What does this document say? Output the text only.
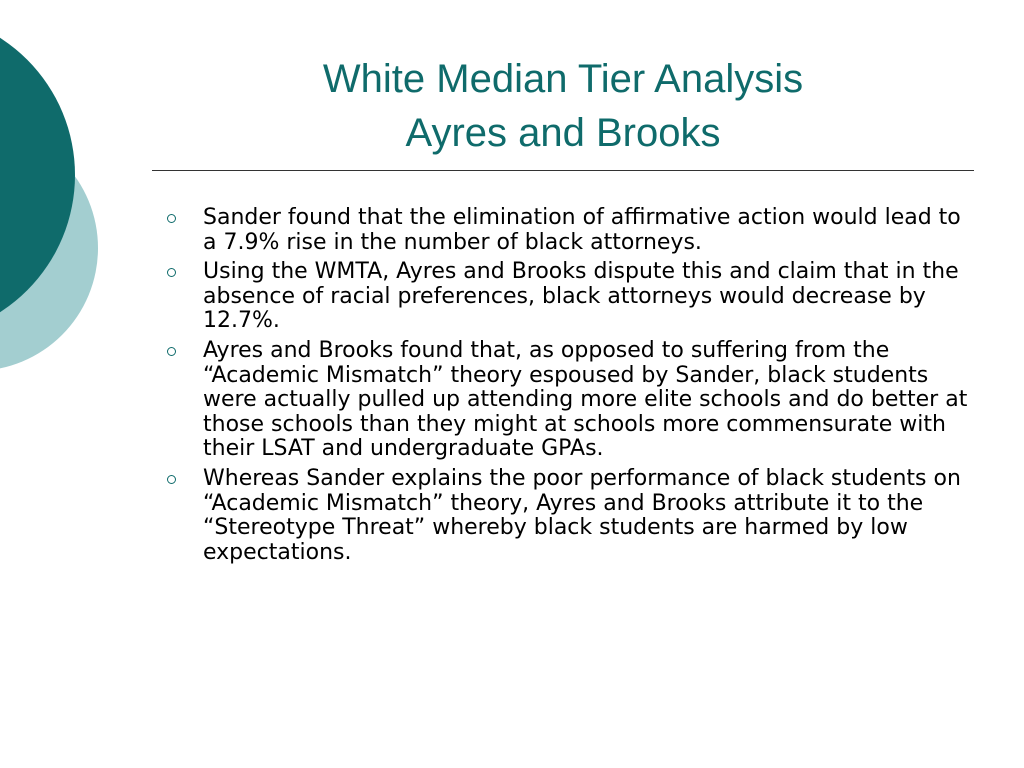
White Median Tier Analysis
Ayres and Brooks
Sander found that the elimination of affirmative action would lead to a 7.9% rise in the number of black attorneys.
Using the WMTA, Ayres and Brooks dispute this and claim that in the absence of racial preferences, black attorneys would decrease by 12.7%.
Ayres and Brooks found that, as opposed to suffering from the “Academic Mismatch” theory espoused by Sander, black students were actually pulled up attending more elite schools and do better at those schools than they might at schools more commensurate with their LSAT and undergraduate GPAs.
Whereas Sander explains the poor performance of black students on “Academic Mismatch” theory, Ayres and Brooks attribute it to the “Stereotype Threat” whereby black students are harmed by low expectations.
